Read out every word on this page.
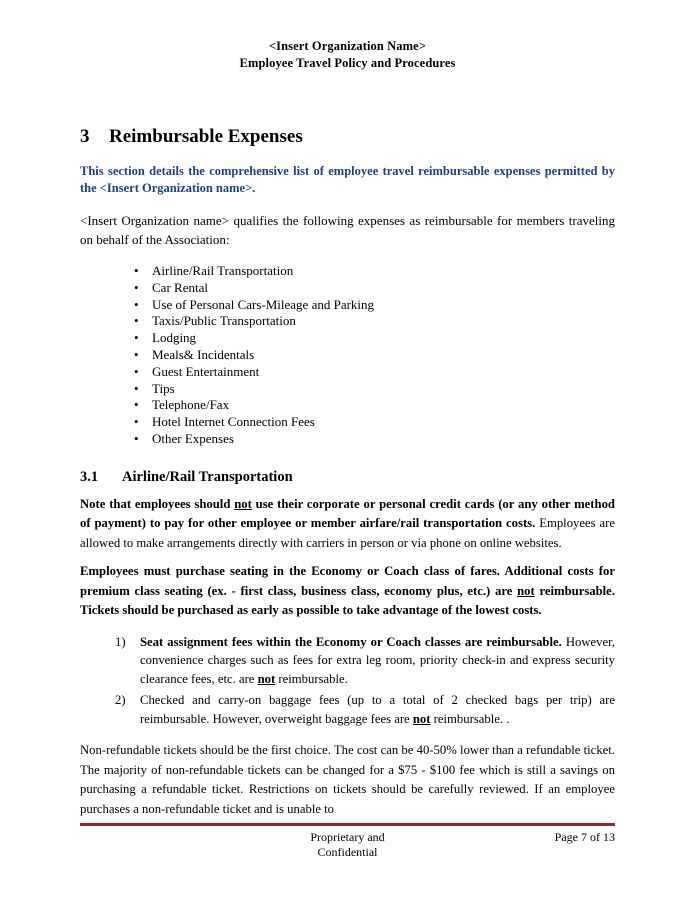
<Insert Organization Name>
Employee Travel Policy and Procedures
3	Reimbursable Expenses
This section details the comprehensive list of employee travel reimbursable expenses permitted by the <Insert Organization name>.

<Insert Organization name> qualifies the following expenses as reimbursable for members traveling on behalf of the Association:

• Airline/Rail Transportation
• Car Rental
• Use of Personal Cars-Mileage and Parking
• Taxis/Public Transportation
• Lodging
• Meals& Incidentals
• Guest Entertainment
• Tips
• Telephone/Fax
• Hotel Internet Connection Fees
• Other Expenses
3.1	Airline/Rail Transportation

Note that employees should not use their corporate or personal credit cards (or any other method of payment) to pay for other employee or member airfare/rail transportation costs. Employees are allowed to make arrangements directly with carriers in person or via phone on online websites.

Employees must purchase seating in the Economy or Coach class of fares. Additional costs for premium class seating (ex. - first class, business class, economy plus, etc.) are not reimbursable. Tickets should be purchased as early as possible to take advantage of the lowest costs.

Seat assignment fees within the Economy or Coach classes are reimbursable. However, convenience charges such as fees for extra leg room, priority check-in and express security clearance fees, etc. are not reimbursable.
Checked and carry-on baggage fees (up to a total of 2 checked bags per trip) are reimbursable. However, overweight baggage fees are not reimbursable. .

Non-refundable tickets should be the first choice. The cost can be 40-50% lower than a refundable ticket. The majority of non-refundable tickets can be changed for a $75 - $100 fee which is still a savings on purchasing a refundable ticket. Restrictions on tickets should be carefully reviewed. If an employee purchases a non-refundable ticket and is unable to

Proprietary and
Confidential
Page 7 of 13
